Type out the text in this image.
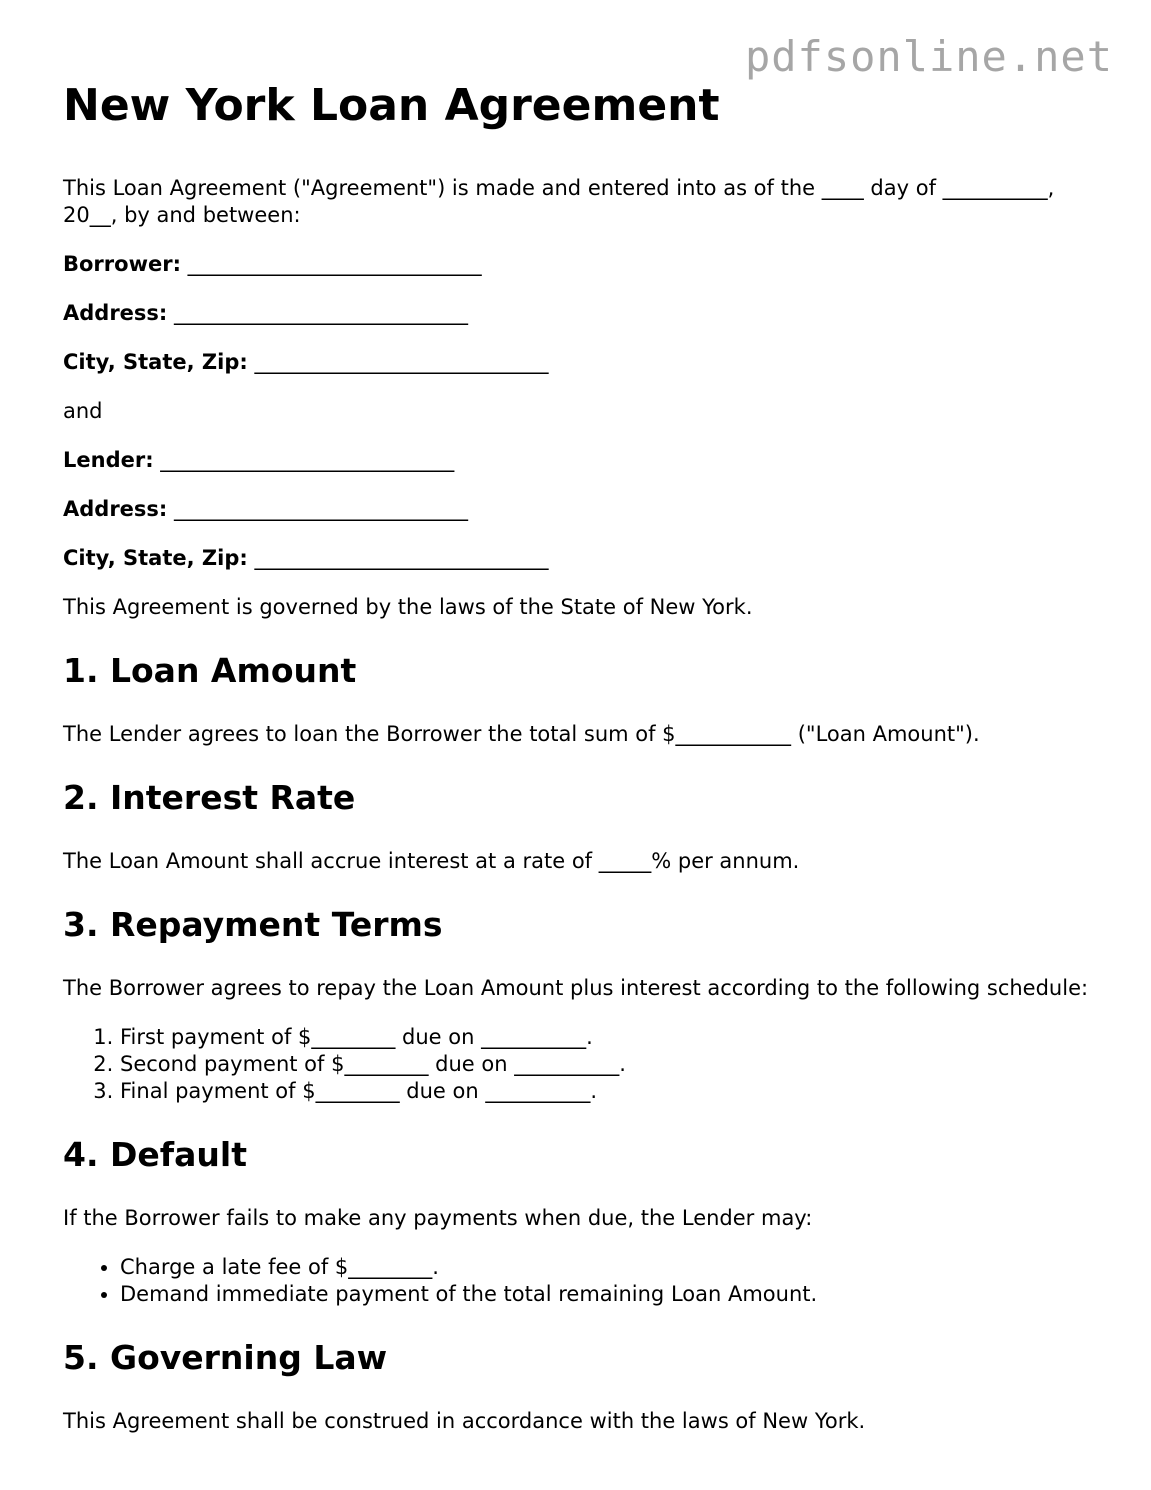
pdfsonline.net
New York Loan Agreement

This Loan Agreement ("Agreement") is made and entered into as of the ____ day of __________, 20__, by and between:

Borrower: ____________________________
Address: ____________________________
City, State, Zip: ____________________________

and

Lender: ____________________________
Address: ____________________________
City, State, Zip: ____________________________

This Agreement is governed by the laws of the State of New York.

1. Loan Amount

The Lender agrees to loan the Borrower the total sum of $___________ ("Loan Amount").

2. Interest Rate

The Loan Amount shall accrue interest at a rate of _____% per annum.

3. Repayment Terms

The Borrower agrees to repay the Loan Amount plus interest according to the following schedule:

1. First payment of $________ due on __________.
2. Second payment of $________ due on __________.
3. Final payment of $________ due on __________.
4. Default

If the Borrower fails to make any payments when due, the Lender may:

• Charge a late fee of $________.
• Demand immediate payment of the total remaining Loan Amount.
5. Governing Law

This Agreement shall be construed in accordance with the laws of New York.
